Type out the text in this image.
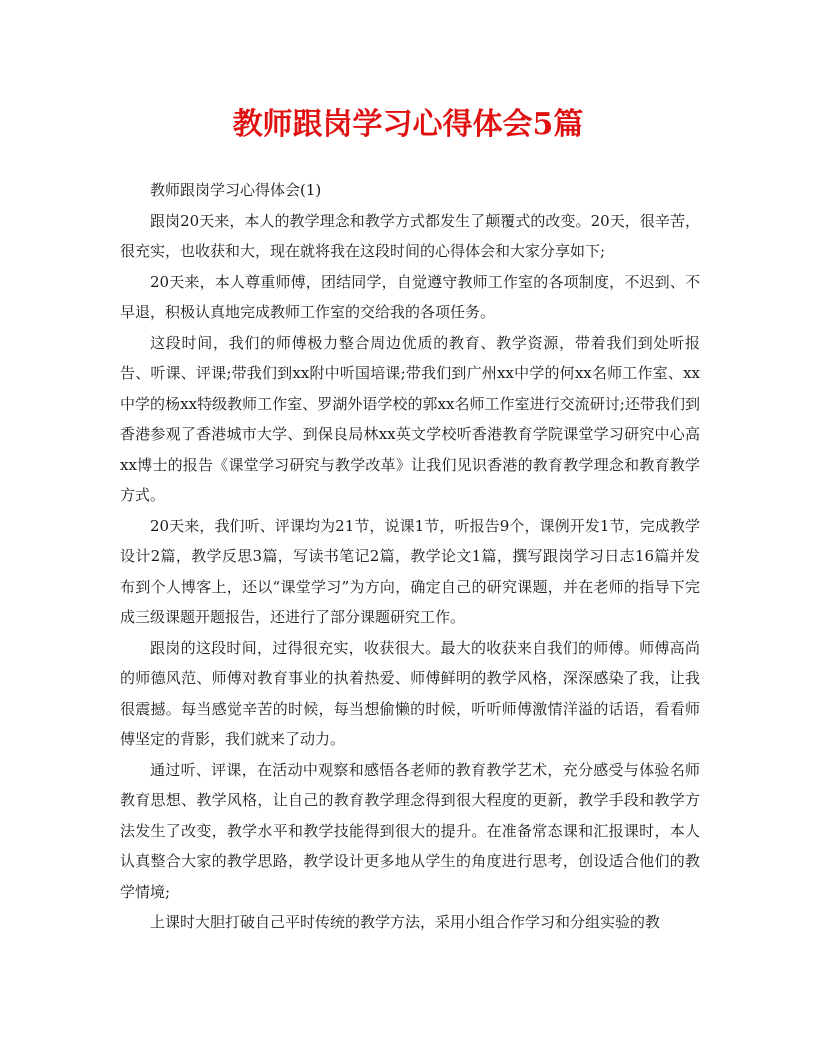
教师跟岗学习心得体会5篇

教师跟岗学习心得体会(1)

跟岗20天来，本人的教学理念和教学方式都发生了颠覆式的改变。20天，很辛苦，很充实，也收获和大，现在就将我在这段时间的心得体会和大家分享如下;

20天来，本人尊重师傅，团结同学，自觉遵守教师工作室的各项制度，不迟到、不早退，积极认真地完成教师工作室的交给我的各项任务。

这段时间，我们的师傅极力整合周边优质的教育、教学资源，带着我们到处听报告、听课、评课;带我们到xx附中听国培课;带我们到广州xx中学的何xx名师工作室、xx中学的杨xx特级教师工作室、罗湖外语学校的郭xx名师工作室进行交流研讨;还带我们到香港参观了香港城市大学、到保良局林xx英文学校听香港教育学院课堂学习研究中心高xx博士的报告《课堂学习研究与教学改革》让我们见识香港的教育教学理念和教育教学方式。

20天来，我们听、评课均为21节，说课1节，听报告9个，课例开发1节，完成教学设计2篇，教学反思3篇，写读书笔记2篇，教学论文1篇，撰写跟岗学习日志16篇并发布到个人博客上，还以“课堂学习”为方向，确定自己的研究课题，并在老师的指导下完成三级课题开题报告，还进行了部分课题研究工作。

跟岗的这段时间，过得很充实，收获很大。最大的收获来自我们的师傅。师傅高尚的师德风范、师傅对教育事业的执着热爱、师傅鲜明的教学风格，深深感染了我，让我很震撼。每当感觉辛苦的时候，每当想偷懒的时候，听听师傅激情洋溢的话语，看看师傅坚定的背影，我们就来了动力。

通过听、评课，在活动中观察和感悟各老师的教育教学艺术，充分感受与体验名师教育思想、教学风格，让自己的教育教学理念得到很大程度的更新，教学手段和教学方法发生了改变，教学水平和教学技能得到很大的提升。在准备常态课和汇报课时，本人认真整合大家的教学思路，教学设计更多地从学生的角度进行思考，创设适合他们的教学情境;

上课时大胆打破自己平时传统的教学方法，采用小组合作学习和分组实验的教
